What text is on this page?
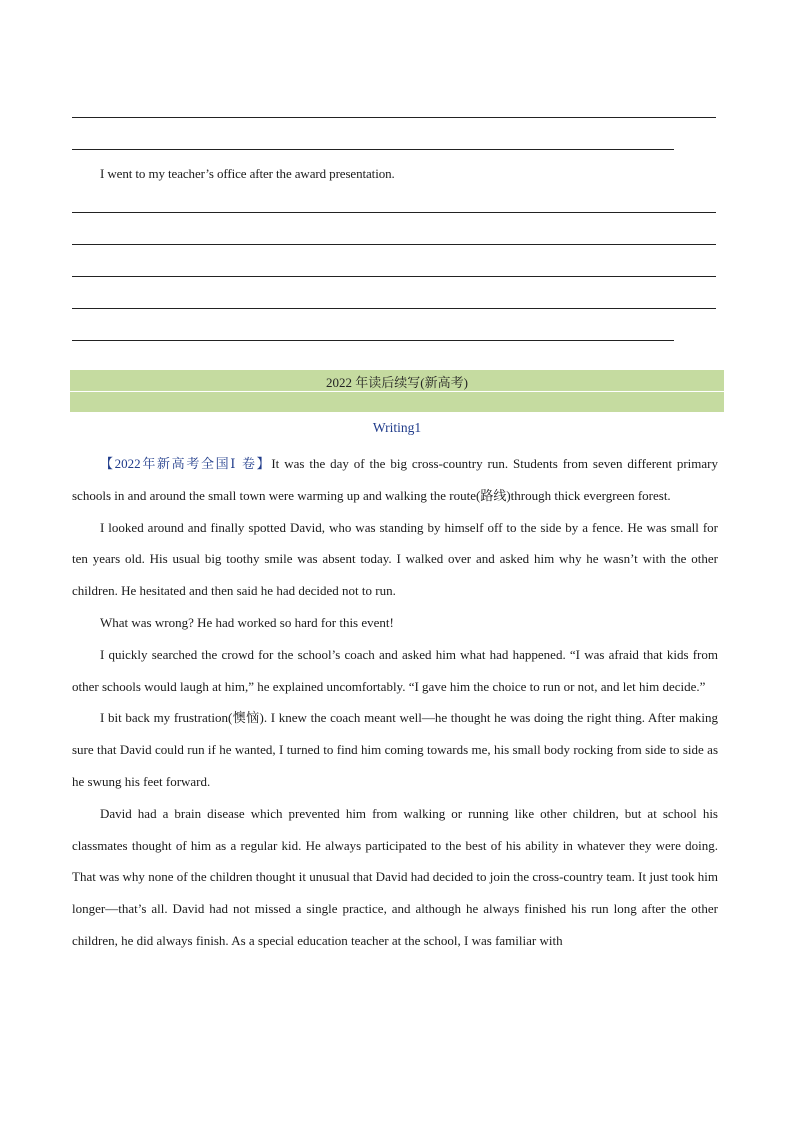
I went to my teacher’s office after the award presentation.
2022 年读后续写(新高考)
Writing1

【2022年新高考全国Ⅰ 卷】It was the day of the big cross-country run. Students from seven different primary schools in and around the small town were warming up and walking the route(路线)through thick evergreen forest.

I looked around and finally spotted David, who was standing by himself off to the side by a fence. He was small for ten years old. His usual big toothy smile was absent today. I walked over and asked him why he wasn’t with the other children. He hesitated and then said he had decided not to run.

What was wrong? He had worked so hard for this event!

I quickly searched the crowd for the school’s coach and asked him what had happened. “I was afraid that kids from other schools would laugh at him,” he explained uncomfortably. “I gave him the choice to run or not, and let him decide.”

I bit back my frustration(懊恼). I knew the coach meant well—he thought he was doing the right thing. After making sure that David could run if he wanted, I turned to find him coming towards me, his small body rocking from side to side as he swung his feet forward.

David had a brain disease which prevented him from walking or running like other children, but at school his classmates thought of him as a regular kid. He always participated to the best of his ability in whatever they were doing. That was why none of the children thought it unusual that David had decided to join the cross-country team. It just took him longer—that’s all. David had not missed a single practice, and although he always finished his run long after the other children, he did always finish. As a special education teacher at the school, I was familiar with
